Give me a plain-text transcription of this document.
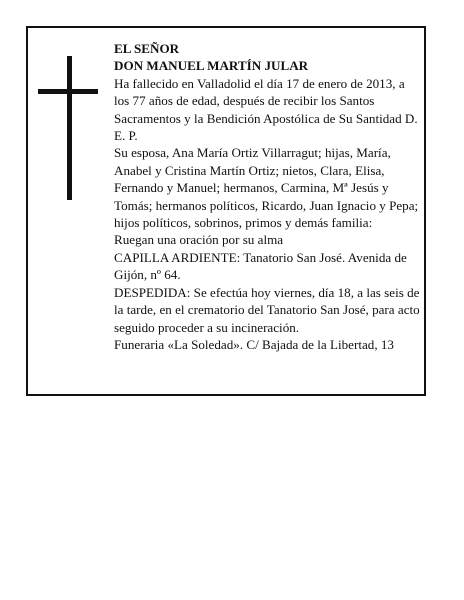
EL SEÑOR

DON MANUEL MARTÍN JULAR

Ha fallecido en Valladolid el día 17 de enero de 2013, a los 77 años de edad, después de recibir los Santos Sacramentos y la Bendición Apostólica de Su Santidad D. E. P.

Su esposa, Ana María Ortiz Villarragut; hijas, María, Anabel y Cristina Martín Ortiz; nietos, Clara, Elisa, Fernando y Manuel; hermanos, Carmina, Mª Jesús y Tomás; hermanos políticos, Ricardo, Juan Ignacio y Pepa; hijos políticos, sobrinos, primos y demás familia:

Ruegan una oración por su alma

CAPILLA ARDIENTE: Tanatorio San José. Avenida de Gijón, nº 64.

DESPEDIDA: Se efectúa hoy viernes, día 18, a las seis de la tarde, en el crematorio del Tanatorio San José, para acto seguido proceder a su incineración.

Funeraria «La Soledad». C/ Bajada de la Libertad, 13
